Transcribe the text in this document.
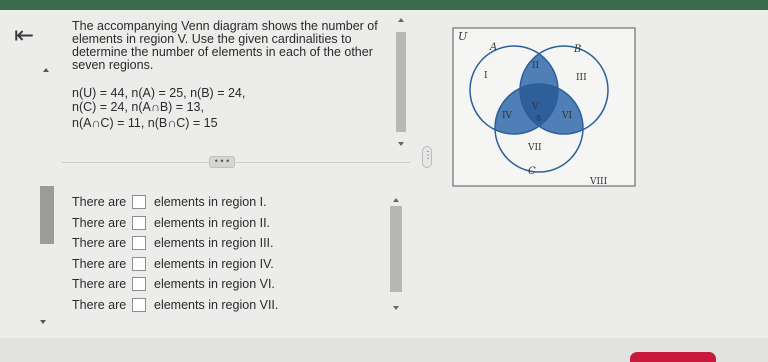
⇤	The accompanying Venn diagram shows the number of

elements in region V. Use the given cardinalities to

determine the number of elements in each of the other

seven regions.

n(U) = 44, n(A) = 25, n(B) = 24,
n(C) = 24, n(A∩B) = 13,
n(A∩C) = 11, n(B∩C) = 15
U
A	B
C
I
II
III
IV
V
8 VI
VII
VIII
• • •	⋮
There are	elements in region I.
There are	elements in region II.
There are	elements in region III.
There are	elements in region IV.
There are	elements in region VI.
There are	elements in region VII.
